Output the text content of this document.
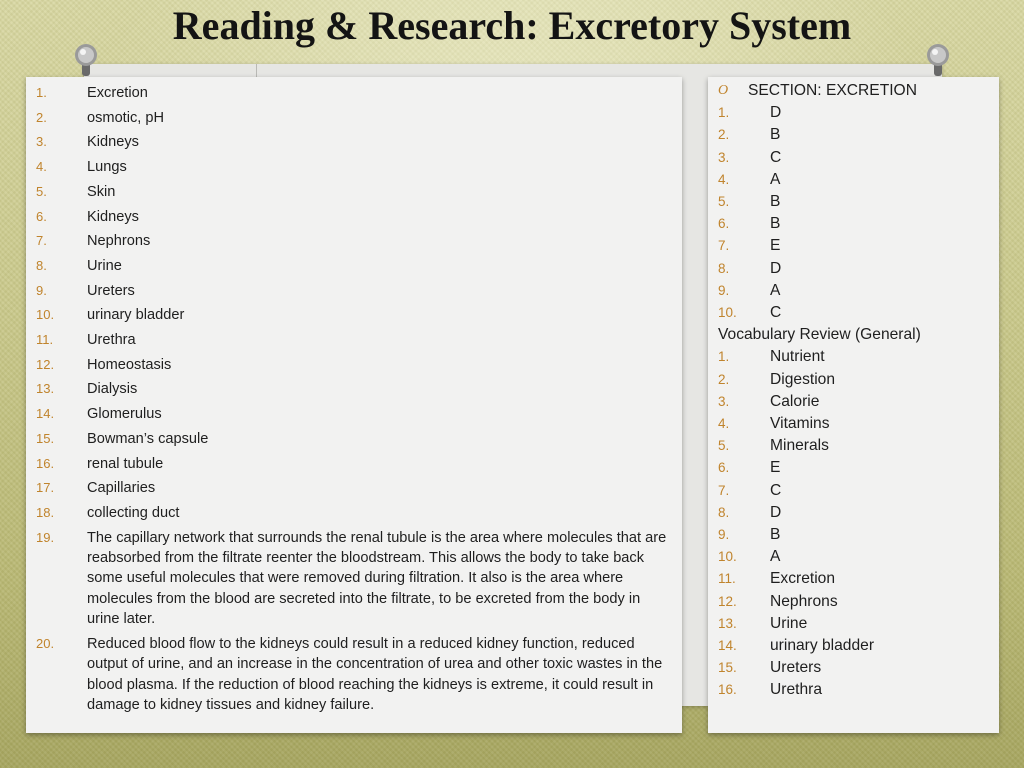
Reading & Research: Excretory System
1.	Excretion
2.	osmotic, pH
3.	Kidneys
4.	Lungs
5.	Skin
6.	Kidneys
7.	Nephrons
8.	Urine
9.	Ureters
10.	urinary bladder
11.	Urethra
12.	Homeostasis
13.	Dialysis
14.	Glomerulus
15.	Bowman’s capsule
16.	renal tubule
17.	Capillaries
18.	collecting duct
19.	The capillary network that surrounds the renal tubule is the area where molecules that are reabsorbed from the filtrate reenter the bloodstream. This allows the body to take back some useful molecules that were removed during filtration. It also is the area where molecules from the blood are secreted into the filtrate, to be excreted from the body in urine later.
20.	Reduced blood flow to the kidneys could result in a reduced kidney function, reduced output of urine, and an increase in the concentration of urea and other toxic wastes in the blood plasma. If the reduction of blood reaching the kidneys is extreme, it could result in damage to kidney tissues and kidney failure.
O	SECTION: EXCRETION
1.	D
2.	B
3.	C
4.	A
5.	B
6.	B
7.	E
8.	D
9.	A
10.	C
Vocabulary Review (General)
1.	Nutrient
2.	Digestion
3.	Calorie
4.	Vitamins
5.	Minerals
6.	E
7.	C
8.	D
9.	B
10.	A
11.	Excretion
12.	Nephrons
13.	Urine
14.	urinary bladder
15.	Ureters
16.	Urethra
